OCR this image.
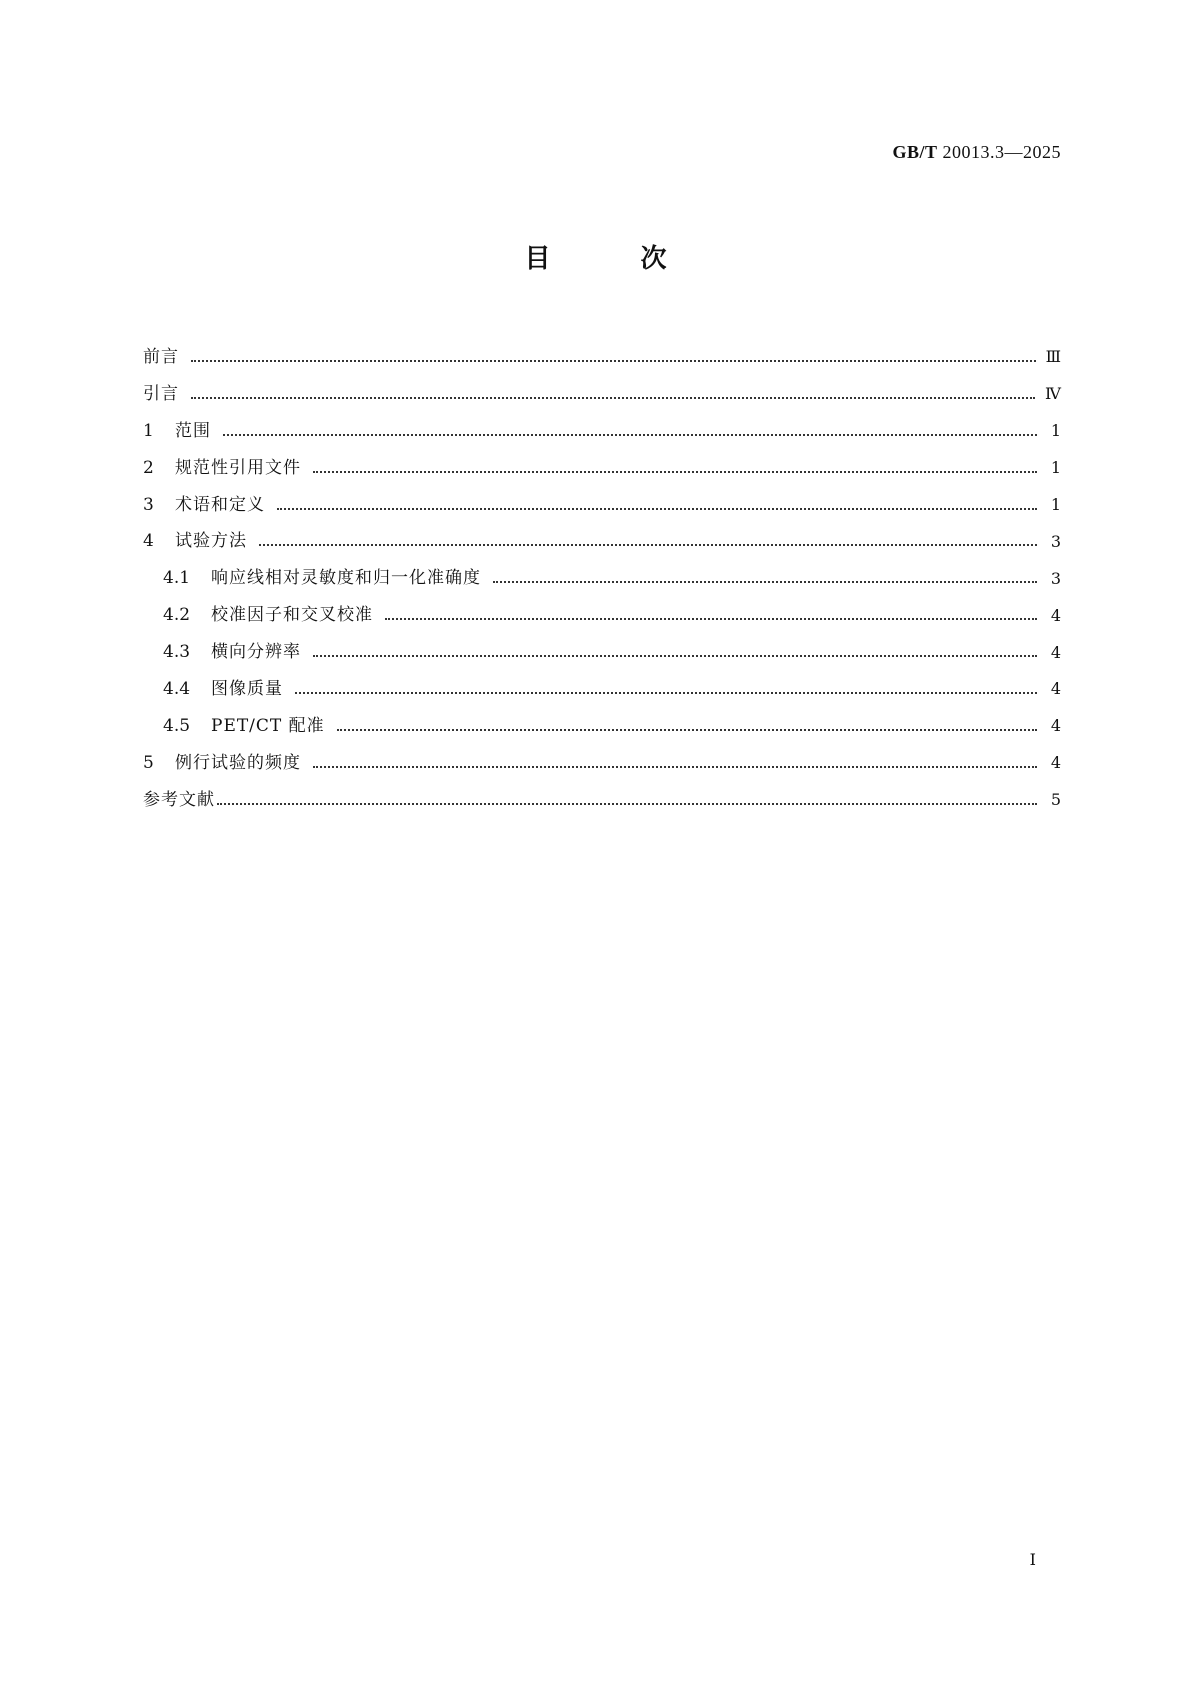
GB/T 20013.3—2025
目	次
前言	Ⅲ
引言	Ⅳ
1	范围	1
2	规范性引用文件	1
3	术语和定义	1
4	试验方法	3
4.1	响应线相对灵敏度和归一化准确度	3
4.2	校准因子和交叉校准	4
4.3	横向分辨率	4
4.4	图像质量	4
4.5	PET/CT 配准	4
5	例行试验的频度	4
参考文献	5
Ⅰ
